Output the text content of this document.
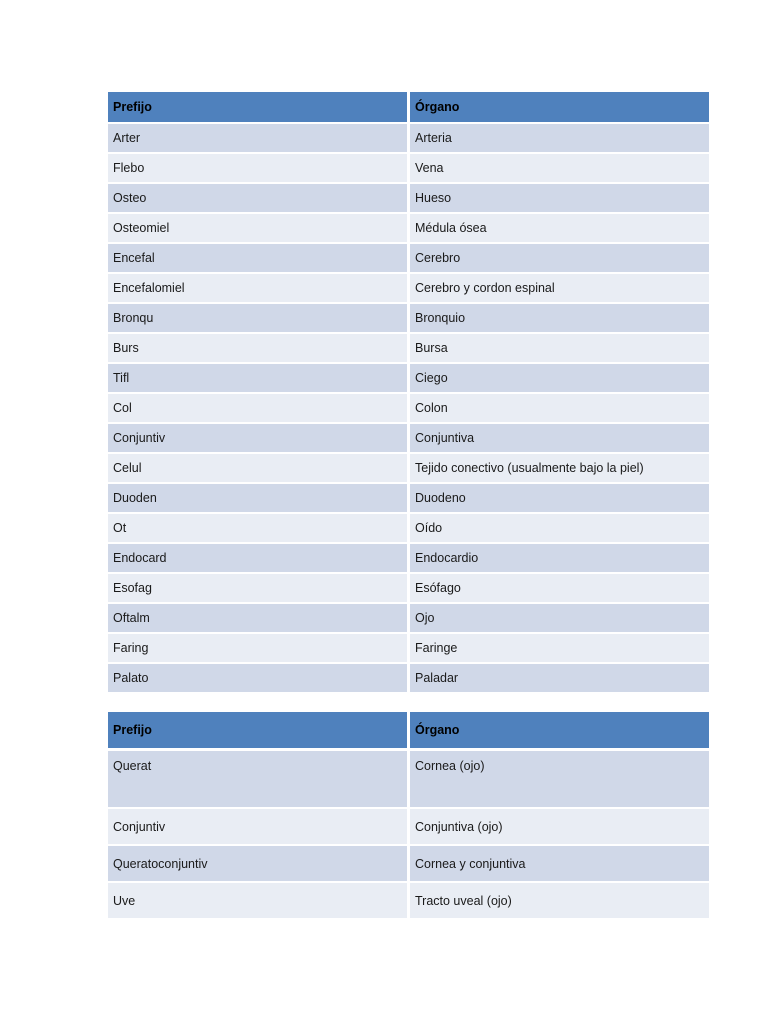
Prefijo	Órgano
Arter	Arteria
Flebo	Vena
Osteo	Hueso
Osteomiel	Médula ósea
Encefal	Cerebro
Encefalomiel	Cerebro y cordon espinal
Bronqu	Bronquio
Burs	Bursa
Tifl	Ciego
Col	Colon
Conjuntiv	Conjuntiva
Celul	Tejido conectivo (usualmente bajo la piel)
Duoden	Duodeno
Ot	Oído
Endocard	Endocardio
Esofag	Esófago
Oftalm	Ojo
Faring	Faringe
Palato	Paladar
Prefijo	Órgano
Querat	Cornea (ojo)
Conjuntiv	Conjuntiva (ojo)
Queratoconjuntiv	Cornea y conjuntiva
Uve	Tracto uveal (ojo)
